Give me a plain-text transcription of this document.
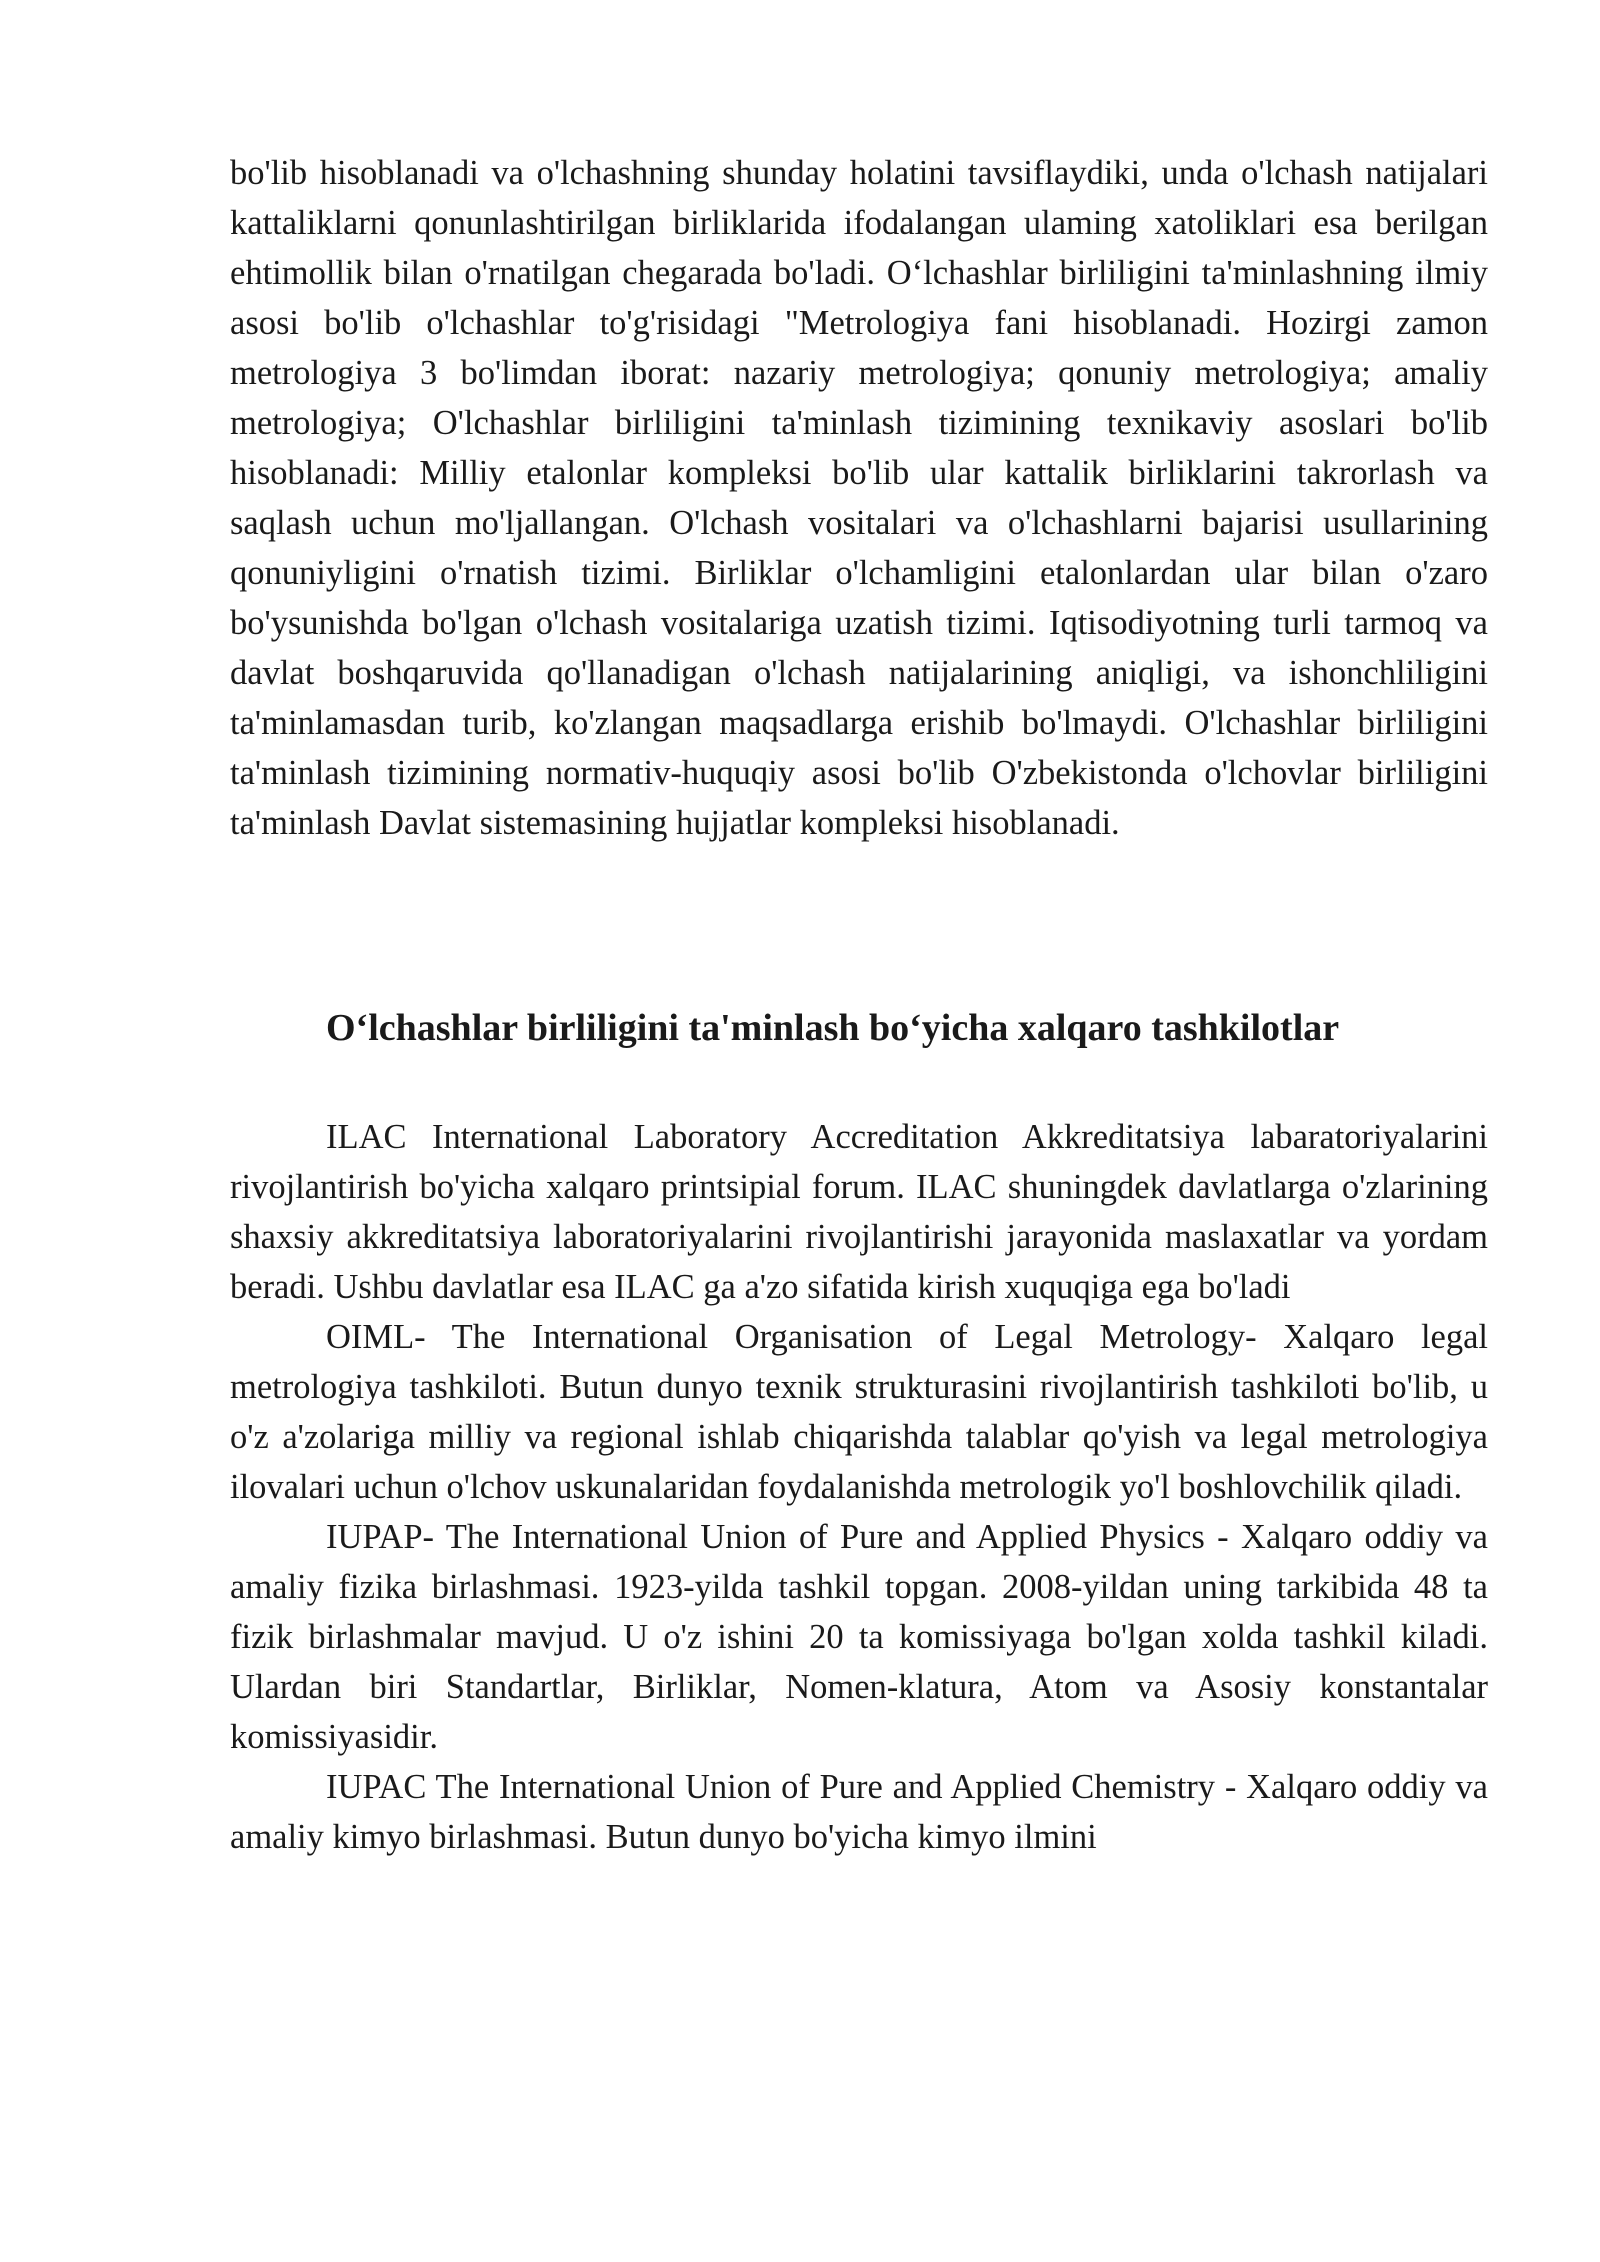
bo'lib hisoblanadi va o'lchashning shunday holatini tavsiflaydiki, unda o'lchash natijalari kattaliklarni qonunlashtirilgan birliklarida ifodalangan ulaming xatoliklari esa berilgan ehtimollik bilan o'rnatilgan chegarada bo'ladi. O‘lchashlar birliligini ta'minlashning ilmiy asosi bo'lib o'lchashlar to'g'risidagi "Metrologiya fani hisoblanadi. Hozirgi zamon metrologiya 3 bo'limdan iborat: nazariy metrologiya; qonuniy metrologiya; amaliy metrologiya; O'lchashlar birliligini ta'minlash tizimining texnikaviy asoslari bo'lib hisoblanadi: Milliy etalonlar kompleksi bo'lib ular kattalik birliklarini takrorlash va saqlash uchun mo'ljallangan. O'lchash vositalari va o'lchashlarni bajarisi usullarining qonuniyligini o'rnatish tizimi. Birliklar o'lchamligini etalonlardan ular bilan o'zaro bo'ysunishda bo'lgan o'lchash vositalariga uzatish tizimi. Iqtisodiyotning turli tarmoq va davlat boshqaruvida qo'llanadigan o'lchash natijalarining aniqligi, va ishonchliligini ta'minlamasdan turib, ko'zlangan maqsadlarga erishib bo'lmaydi. O'lchashlar birliligini ta'minlash tizimining normativ-huquqiy asosi bo'lib O'zbekistonda o'lchovlar birliligini ta'minlash Davlat sistemasining hujjatlar kompleksi hisoblanadi.

O‘lchashlar birliligini ta'minlash bo‘yicha xalqaro tashkilotlar

ILAC International Laboratory Accreditation Akkreditatsiya labaratoriyalarini rivojlantirish bo'yicha xalqaro printsipial forum. ILAC shuningdek davlatlarga o'zlarining shaxsiy akkreditatsiya laboratoriyalarini rivojlantirishi jarayonida maslaxatlar va yordam beradi. Ushbu davlatlar esa ILAC ga a'zo sifatida kirish xuquqiga ega bo'ladi

OIML- The International Organisation of Legal Metrology- Xalqaro legal metrologiya tashkiloti. Butun dunyo texnik strukturasini rivojlantirish tashkiloti bo'lib, u o'z a'zolariga milliy va regional ishlab chiqarishda talablar qo'yish va legal metrologiya ilovalari uchun o'lchov uskunalaridan foydalanishda metrologik yo'l boshlovchilik qiladi.

IUPAP- The International Union of Pure and Applied Physics - Xalqaro oddiy va amaliy fizika birlashmasi. 1923-yilda tashkil topgan. 2008-yildan uning tarkibida 48 ta fizik birlashmalar mavjud. U o'z ishini 20 ta komissiyaga bo'lgan xolda tashkil kiladi. Ulardan biri Standartlar, Birliklar, Nomen-klatura, Atom va Asosiy konstantalar komissiyasidir.

IUPAC The International Union of Pure and Applied Chemistry - Xalqaro oddiy va amaliy kimyo birlashmasi. Butun dunyo bo'yicha kimyo ilmini
